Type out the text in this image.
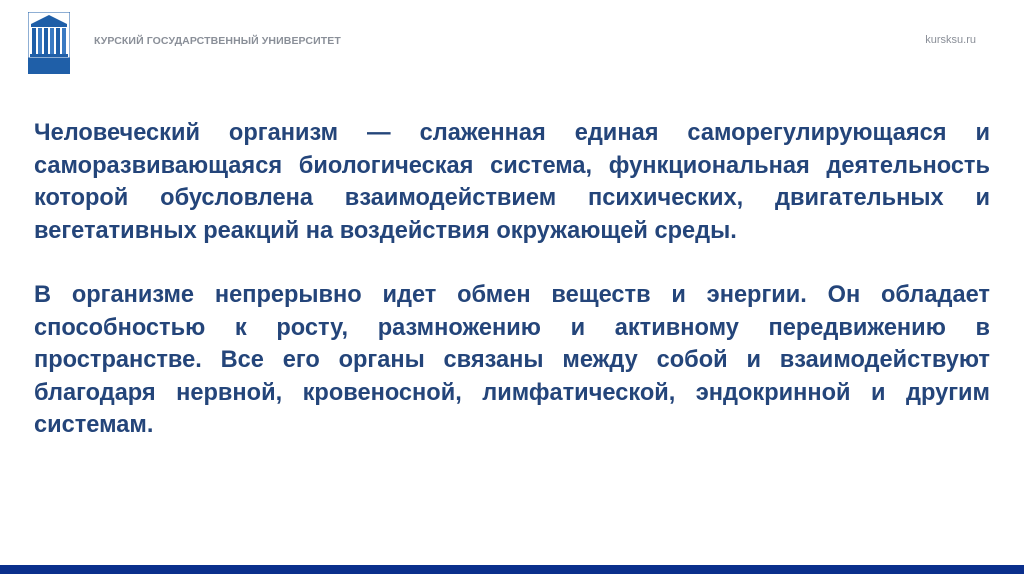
КУРСКИЙ ГОСУДАРСТВЕННЫЙ УНИВЕРСИТЕТ	kursksu.ru

Человеческий организм — слаженная единая саморегулирующаяся и саморазвивающаяся биологическая система, функциональная деятельность которой обусловлена взаимодействием психических, двигательных и вегетативных реакций на воздействия окружающей среды.

В организме непрерывно идет обмен веществ и энергии. Он обладает способностью к росту, размножению и активному передвижению в пространстве. Все его органы связаны между собой и взаимодействуют благодаря нервной, кровеносной, лимфатической, эндокринной и другим системам.
